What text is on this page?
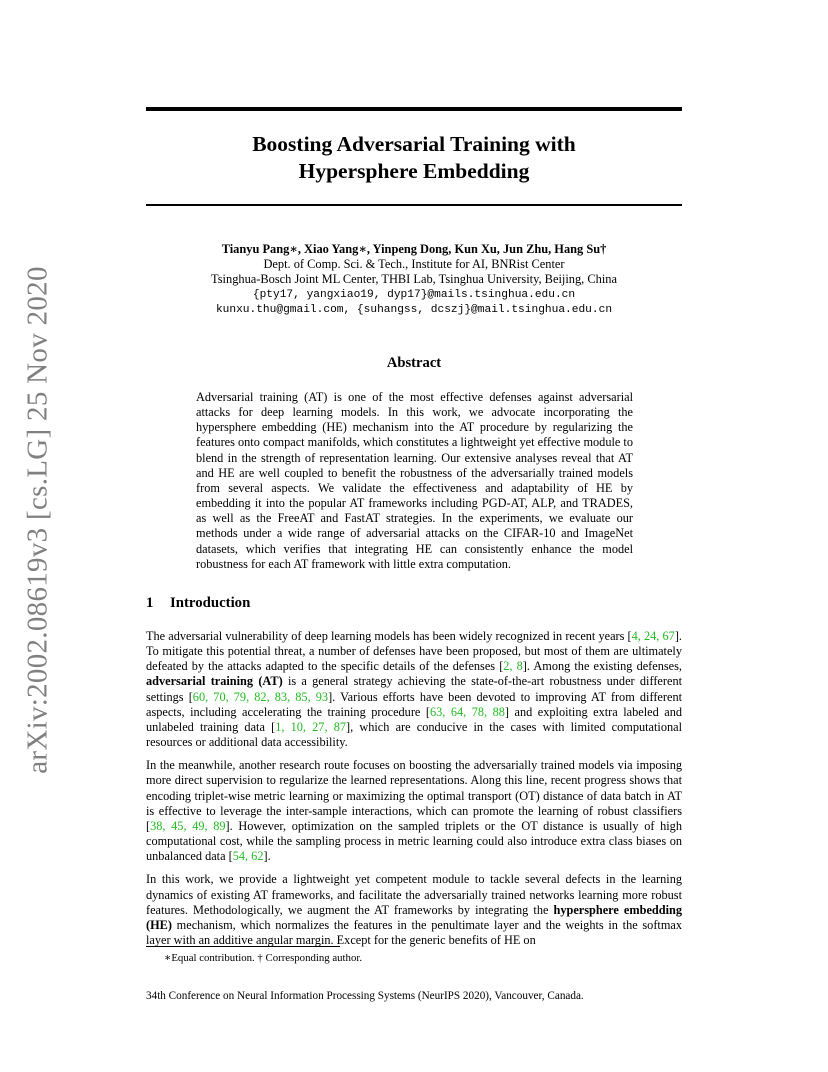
arXiv:2002.08619v3 [cs.LG] 25 Nov 2020
Boosting Adversarial Training with
Hypersphere Embedding
Tianyu Pang∗, Xiao Yang∗, Yinpeng Dong, Kun Xu, Jun Zhu, Hang Su†
Dept. of Comp. Sci. & Tech., Institute for AI, BNRist Center
Tsinghua-Bosch Joint ML Center, THBI Lab, Tsinghua University, Beijing, China
{pty17, yangxiao19, dyp17}@mails.tsinghua.edu.cn
kunxu.thu@gmail.com, {suhangss, dcszj}@mail.tsinghua.edu.cn
Abstract

Adversarial training (AT) is one of the most effective defenses against adversarial attacks for deep learning models. In this work, we advocate incorporating the hypersphere embedding (HE) mechanism into the AT procedure by regularizing the features onto compact manifolds, which constitutes a lightweight yet effective module to blend in the strength of representation learning. Our extensive analyses reveal that AT and HE are well coupled to benefit the robustness of the adversarially trained models from several aspects. We validate the effectiveness and adaptability of HE by embedding it into the popular AT frameworks including PGD-AT, ALP, and TRADES, as well as the FreeAT and FastAT strategies. In the experiments, we evaluate our methods under a wide range of adversarial attacks on the CIFAR-10 and ImageNet datasets, which verifies that integrating HE can consistently enhance the model robustness for each AT framework with little extra computation.

1 Introduction

The adversarial vulnerability of deep learning models has been widely recognized in recent years [4, 24, 67]. To mitigate this potential threat, a number of defenses have been proposed, but most of them are ultimately defeated by the attacks adapted to the specific details of the defenses [2, 8]. Among the existing defenses, adversarial training (AT) is a general strategy achieving the state-of-the-art robustness under different settings [60, 70, 79, 82, 83, 85, 93]. Various efforts have been devoted to improving AT from different aspects, including accelerating the training procedure [63, 64, 78, 88] and exploiting extra labeled and unlabeled training data [1, 10, 27, 87], which are conducive in the cases with limited computational resources or additional data accessibility.

In the meanwhile, another research route focuses on boosting the adversarially trained models via imposing more direct supervision to regularize the learned representations. Along this line, recent progress shows that encoding triplet-wise metric learning or maximizing the optimal transport (OT) distance of data batch in AT is effective to leverage the inter-sample interactions, which can promote the learning of robust classifiers [38, 45, 49, 89]. However, optimization on the sampled triplets or the OT distance is usually of high computational cost, while the sampling process in metric learning could also introduce extra class biases on unbalanced data [54, 62].

In this work, we provide a lightweight yet competent module to tackle several defects in the learning dynamics of existing AT frameworks, and facilitate the adversarially trained networks learning more robust features. Methodologically, we augment the AT frameworks by integrating the hypersphere embedding (HE) mechanism, which normalizes the features in the penultimate layer and the weights in the softmax layer with an additive angular margin. Except for the generic benefits of HE on

∗Equal contribution. † Corresponding author.

34th Conference on Neural Information Processing Systems (NeurIPS 2020), Vancouver, Canada.
